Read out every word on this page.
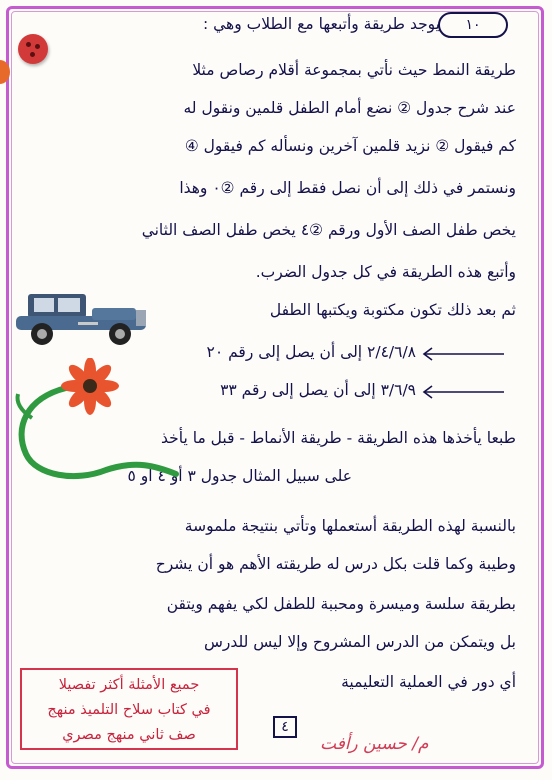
١٠
يوجد طريقة وأتبعها مع الطلاب وهي :
طريقة النمط حيث نأتي بمجموعة أقلام رصاص مثلا
عند شرح جدول ② نضع أمام الطفل قلمين ونقول له
كم فيقول ② نزيد قلمين آخرين ونسأله كم فيقول ④
ونستمر في ذلك إلى أن نصل فقط إلى رقم ②٠ وهذا
يخص طفل الصف الأول ورقم ②٤ يخص طفل الصف الثاني
وأتبع هذه الطريقة في كل جدول الضرب.
ثم بعد ذلك تكون مكتوبة ويكتبها الطفل
٢/٤/٦/٨ إلى أن يصل إلى رقم ٢٠
٣/٦/٩ إلى أن يصل إلى رقم ٣٣
طبعا يأخذها هذه الطريقة - طريقة الأنماط - قبل ما يأخذ
على سبيل المثال جدول ٣ أو ٤ أو ٥
بالنسبة لهذه الطريقة أستعملها وتأتي بنتيجة ملموسة
وطيبة وكما قلت بكل درس له طريقته الأهم هو أن يشرح
بطريقة سلسة وميسرة ومحببة للطفل لكي يفهم ويتقن
بل ويتمكن من الدرس المشروح وإلا ليس للدرس
أي دور في العملية التعليمية
جميع الأمثلة أكثر تفصيلا
في كتاب سلاح التلميذ منهج
صف ثاني منهج مصري	٤
م/ حسين رأفت
